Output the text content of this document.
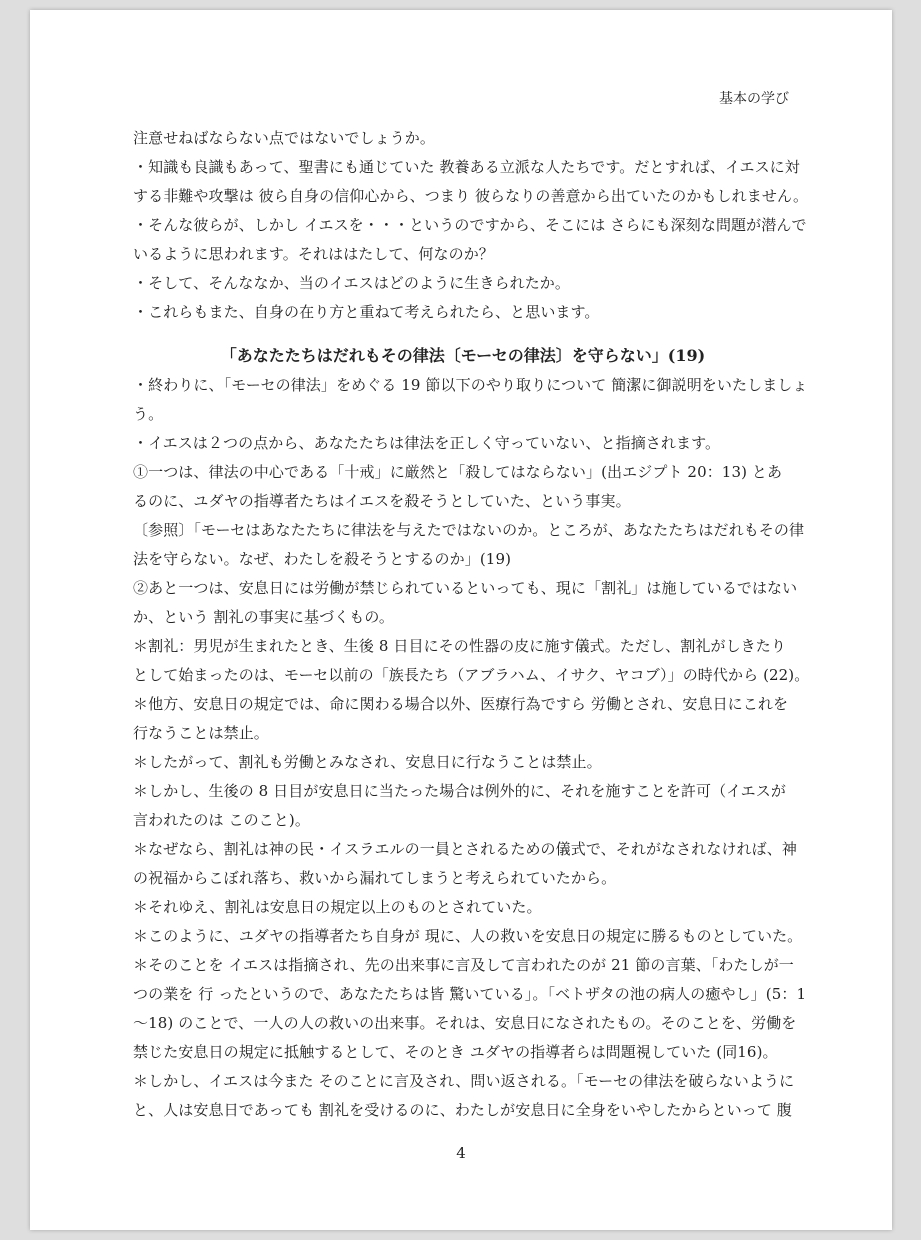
基本の学び
注意せねばならない点ではないでしょうか。
・知識も良識もあって、聖書にも通じていた 教養ある立派な人たちです。だとすれば、イエスに対
する非難や攻撃は 彼ら自身の信仰心から、つまり 彼らなりの善意から出ていたのかもしれません。
・そんな彼らが、しかし イエスを・・・というのですから、そこには さらにも深刻な問題が潜んで
いるように思われます。それははたして、何なのか？
・そして、そんななか、当のイエスはどのように生きられたか。
・これらもまた、自身の在り方と重ねて考えられたら、と思います。
「あなたたちはだれもその律法〔モーセの律法〕を守らない」(19)
・終わりに、「モーセの律法」をめぐる 19 節以下のやり取りについて 簡潔に御説明をいたしましょ
う。
・イエスは２つの点から、あなたたちは律法を正しく守っていない、と指摘されます。
①一つは、律法の中心である「十戒」に厳然と「殺してはならない」(出エジプト 20：13) とあ
るのに、ユダヤの指導者たちはイエスを殺そうとしていた、という事実。
〔参照〕「モーセはあなたたちに律法を与えたではないのか。ところが、あなたたちはだれもその律
法を守らない。なぜ、わたしを殺そうとするのか」(19)
②あと一つは、安息日には労働が禁じられているといっても、現に「割礼」は施しているではない
か、という 割礼の事実に基づくもの。
＊割礼：男児が生まれたとき、生後 8 日目にその性器の皮に施す儀式。ただし、割礼がしきたり
として始まったのは、モーセ以前の「族長たち（アブラハム、イサク、ヤコブ）」の時代から (22)。
＊他方、安息日の規定では、命に関わる場合以外、医療行為ですら 労働とされ、安息日にこれを
行なうことは禁止。
＊したがって、割礼も労働とみなされ、安息日に行なうことは禁止。
＊しかし、生後の 8 日目が安息日に当たった場合は例外的に、それを施すことを許可（イエスが
言われたのは このこと)。
＊なぜなら、割礼は神の民・イスラエルの一員とされるための儀式で、それがなされなければ、神
の祝福からこぼれ落ち、救いから漏れてしまうと考えられていたから。
＊それゆえ、割礼は安息日の規定以上のものとされていた。
＊このように、ユダヤの指導者たち自身が 現に、人の救いを安息日の規定に勝るものとしていた。
＊そのことを イエスは指摘され、先の出来事に言及して言われたのが 21 節の言葉、「わたしが一
つの業を 行 ったというので、あなたたちは皆 驚いている」。「ベトザタの池の病人の癒やし」(5：1
～18) のことで、一人の人の救いの出来事。それは、安息日になされたもの。そのことを、労働を
禁じた安息日の規定に抵触するとして、そのとき ユダヤの指導者らは問題視していた (同16)。
＊しかし、イエスは今また そのことに言及され、問い返される。「モーセの律法を破らないように
と、人は安息日であっても 割礼を受けるのに、わたしが安息日に全身をいやしたからといって 腹
4
